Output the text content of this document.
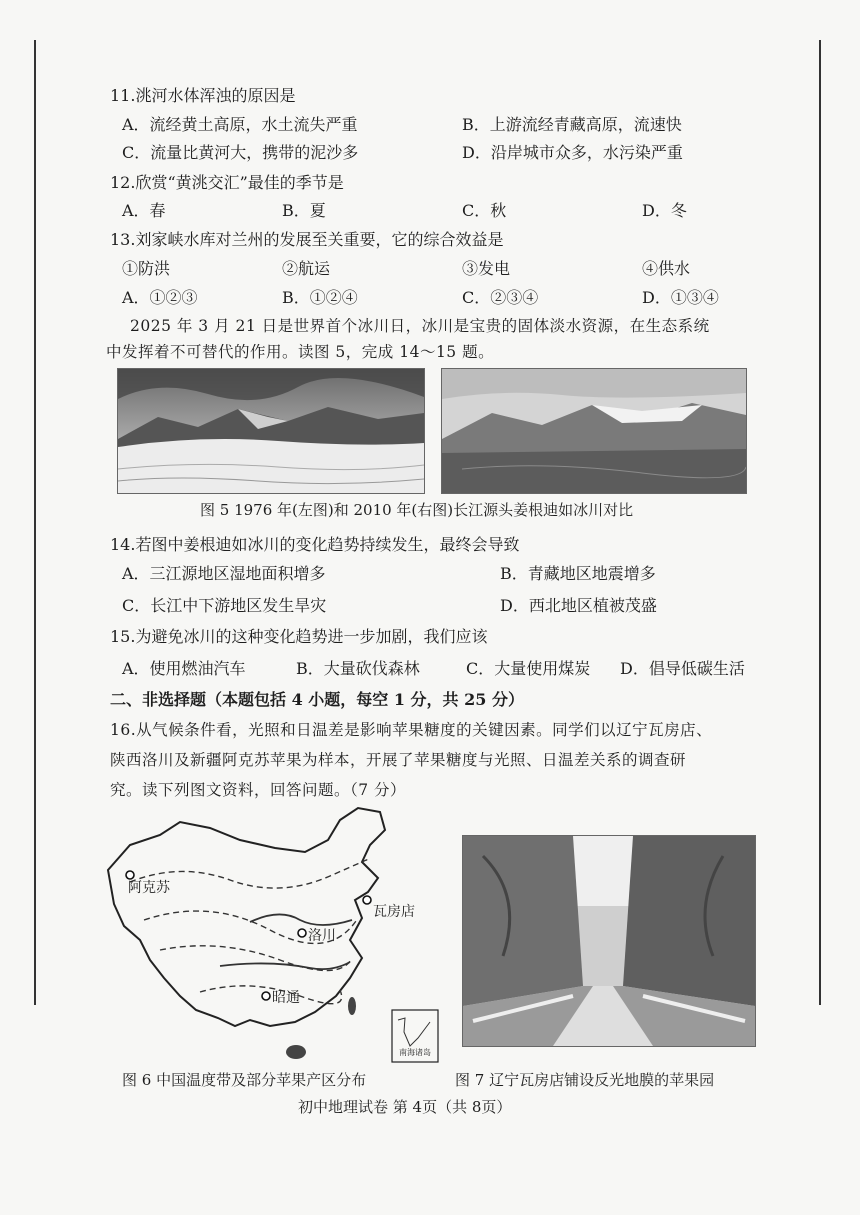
11.洮河水体浑浊的原因是
A．流经黄土高原，水土流失严重	B．上游流经青藏高原，流速快
C．流量比黄河大，携带的泥沙多	D．沿岸城市众多，水污染严重
12.欣赏“黄洮交汇”最佳的季节是
A．春	B．夏	C．秋	D．冬
13.刘家峡水库对兰州的发展至关重要，它的综合效益是
①防洪	②航运	③发电	④供水
A．①②③	B．①②④	C．②③④	D．①③④
2025 年 3 月 21 日是世界首个冰川日，冰川是宝贵的固体淡水资源，在生态系统
中发挥着不可替代的作用。读图 5，完成 14～15 题。
图 5 1976 年(左图)和 2010 年(右图)长江源头姜根迪如冰川对比
14.若图中姜根迪如冰川的变化趋势持续发生，最终会导致
A．三江源地区湿地面积增多	B．青藏地区地震增多
C．长江中下游地区发生旱灾	D．西北地区植被茂盛
15.为避免冰川的这种变化趋势进一步加剧，我们应该
A．使用燃油汽车	B．大量砍伐森林	C．大量使用煤炭 D．倡导低碳生活
二、非选择题（本题包括 4 小题，每空 1 分，共 25 分）
16.从气候条件看，光照和日温差是影响苹果糖度的关键因素。同学们以辽宁瓦房店、
陕西洛川及新疆阿克苏苹果为样本，开展了苹果糖度与光照、日温差关系的调查研
究。读下列图文资料，回答问题。（7 分）
阿克苏
瓦房店
洛川
昭通
南海诸岛
图 6 中国温度带及部分苹果产区分布	图 7 辽宁瓦房店铺设反光地膜的苹果园
初中地理试卷 第 4页（共 8页）
